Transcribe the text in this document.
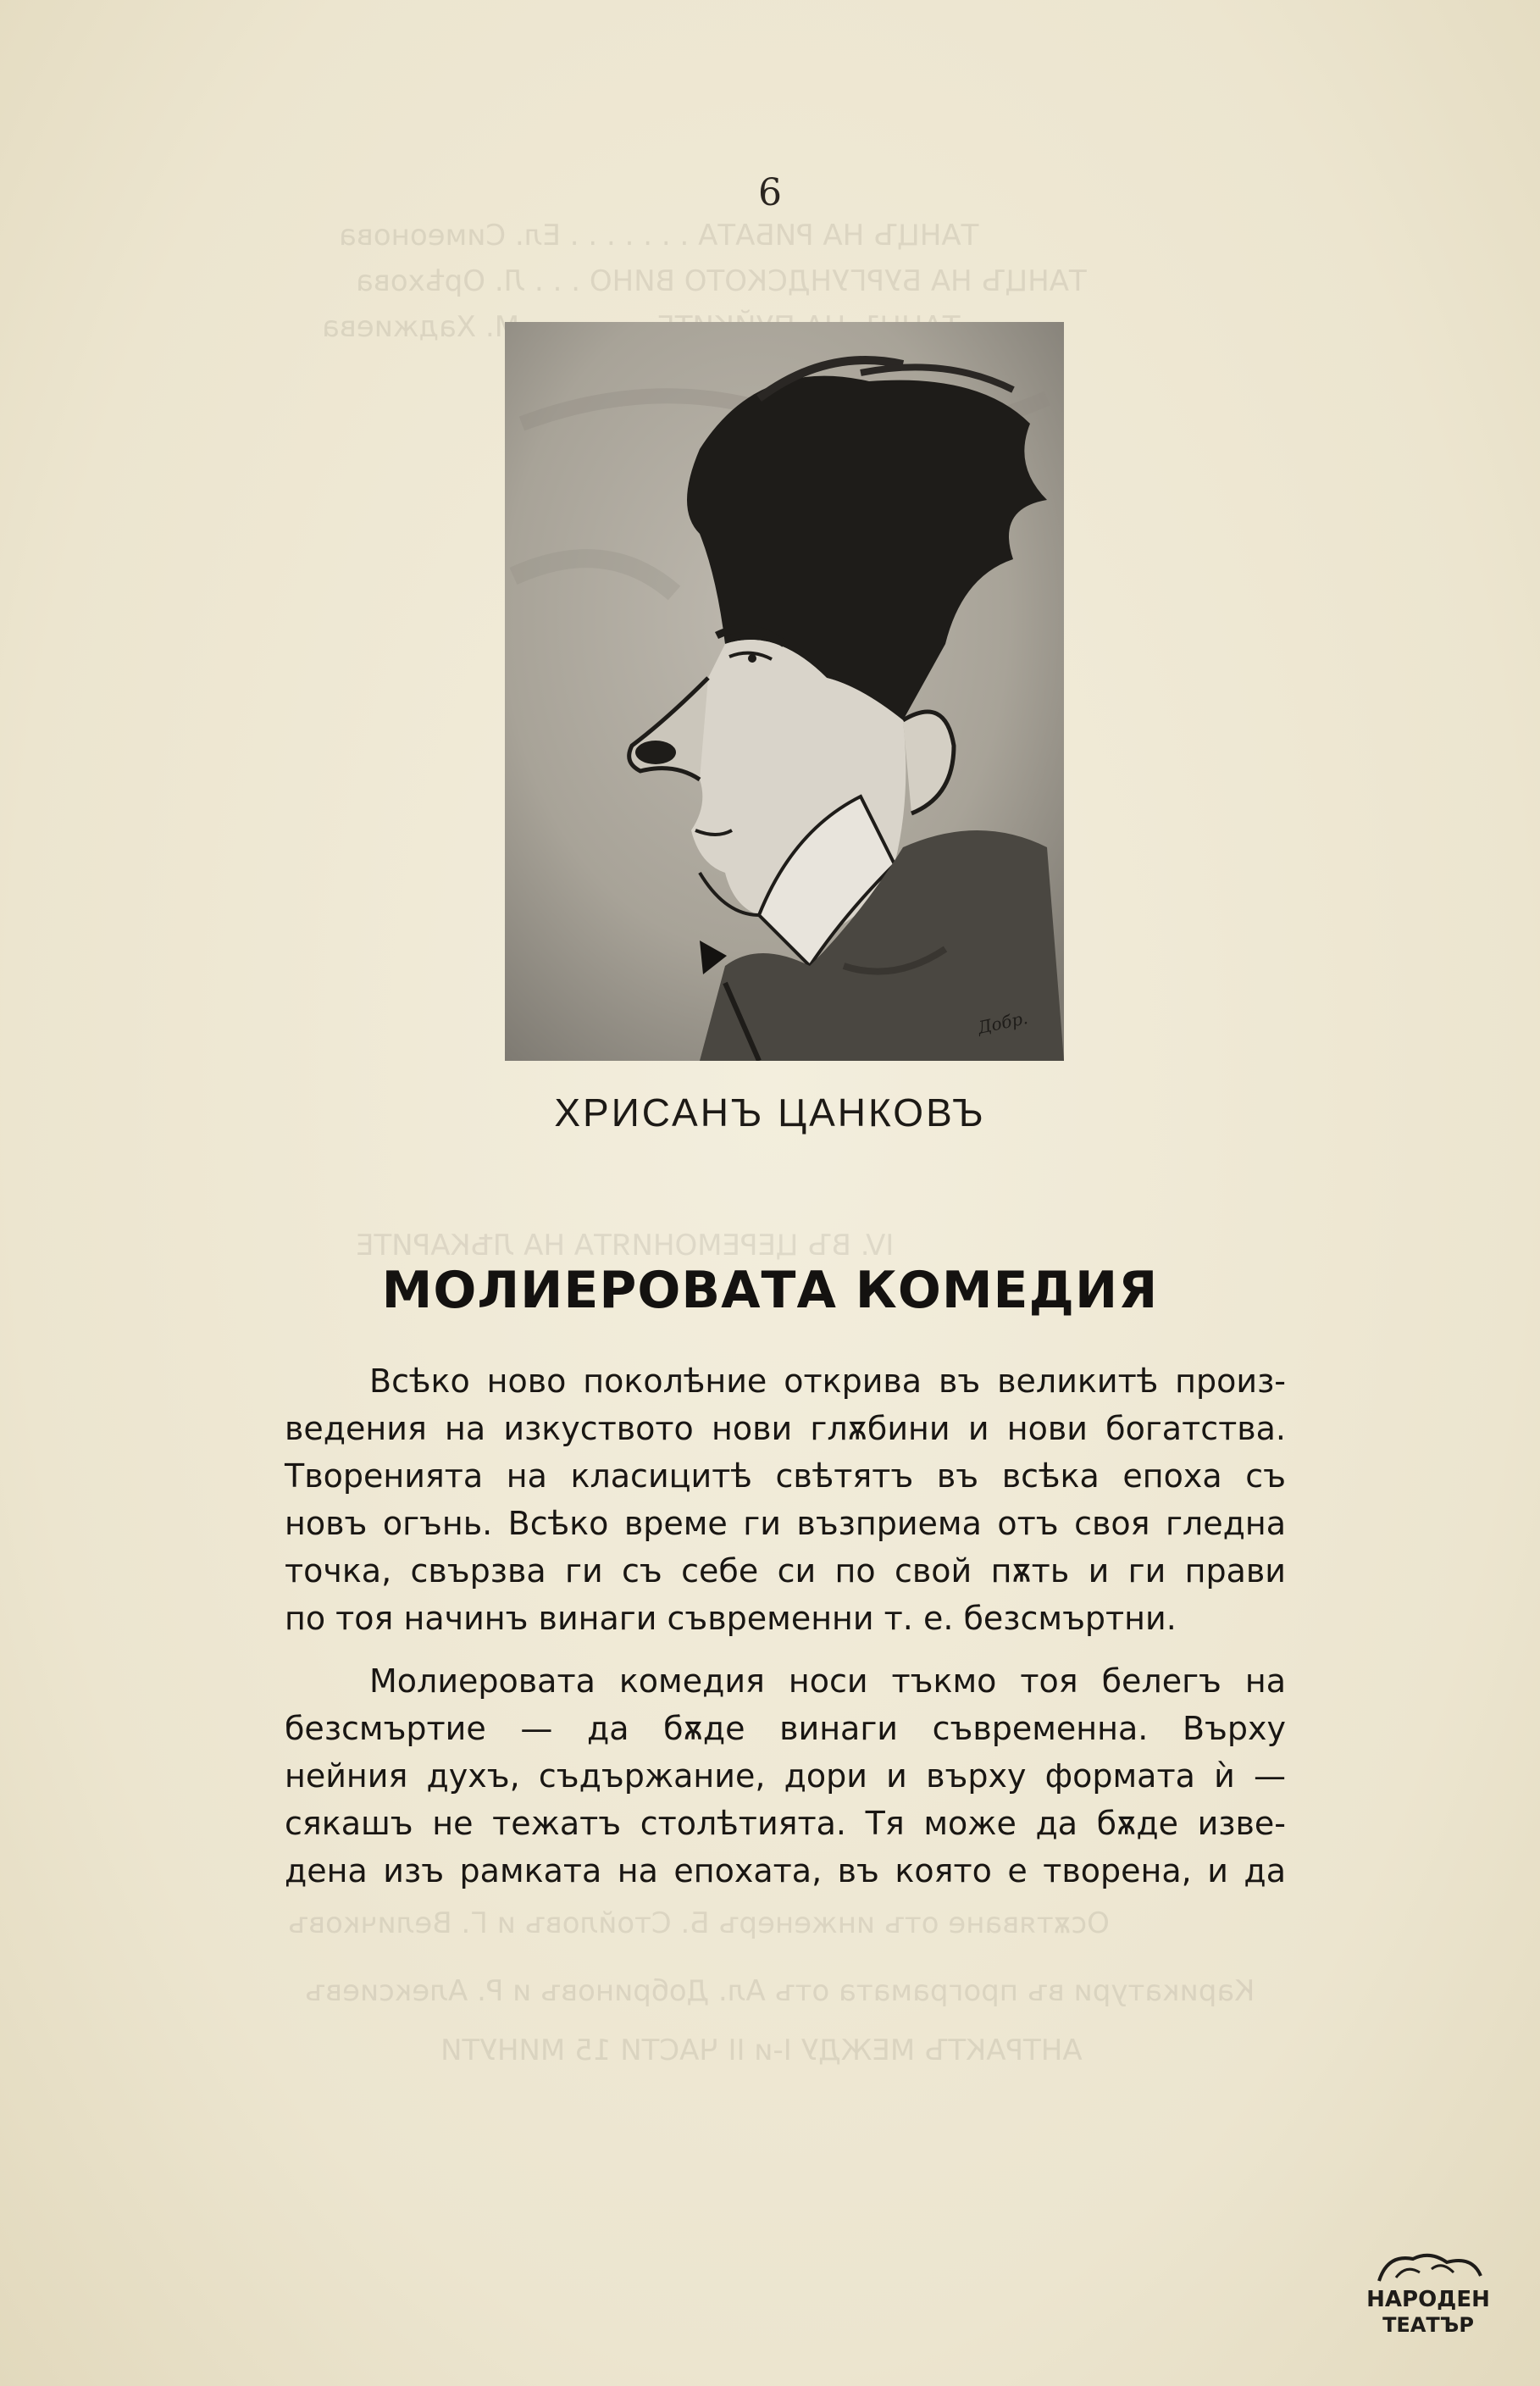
ТАНЦЪ НА РИБАТА . . . . . . . Ел. Симеонова
ТАНЦЪ НА БУРГУНДСКОТО ВИНО . . . Л. Орѣхова
М. Хаджиева
IV. ВЪ ЦЕРЕМОНИЯТА НА ЛѢКАРИТЕ
Осѫтяване отъ инженеръ Б. Стойловъ и Г. Величковъ
Карикатури въ програмата отъ Ал. Добриновъ и Р. Алексиевъ
АНТРАКТЪ МЕЖДУ I-и II ЧАСТИ 15 МИНУТИ
6
Добр.
ХРИСАНЪ ЦАНКОВЪ
МОЛИЕРОВАТА КОМЕДИЯ
Всѣко ново поколѣние открива въ великитѣ произ-
ведения на изкуството нови глѫбини и нови богатства.
Творенията на класицитѣ свѣтятъ въ всѣка епоха съ
новъ огънь. Всѣко време ги възприема отъ своя гледна
точка, свързва ги съ себе си по свой пѫть и ги прави
по тоя начинъ винаги съвременни т. е. безсмъртни.
Молиеровата комедия носи тъкмо тоя белегъ на
безсмъртие — да бѫде винаги съвременна. Върху
нейния духъ, съдържание, дори и върху формата ѝ —
сякашъ не тежатъ столѣтията. Тя може да бѫде изве-
дена изъ рамката на епохата, въ която е творена, и да
НАРОДЕН
ТЕАТЪР
